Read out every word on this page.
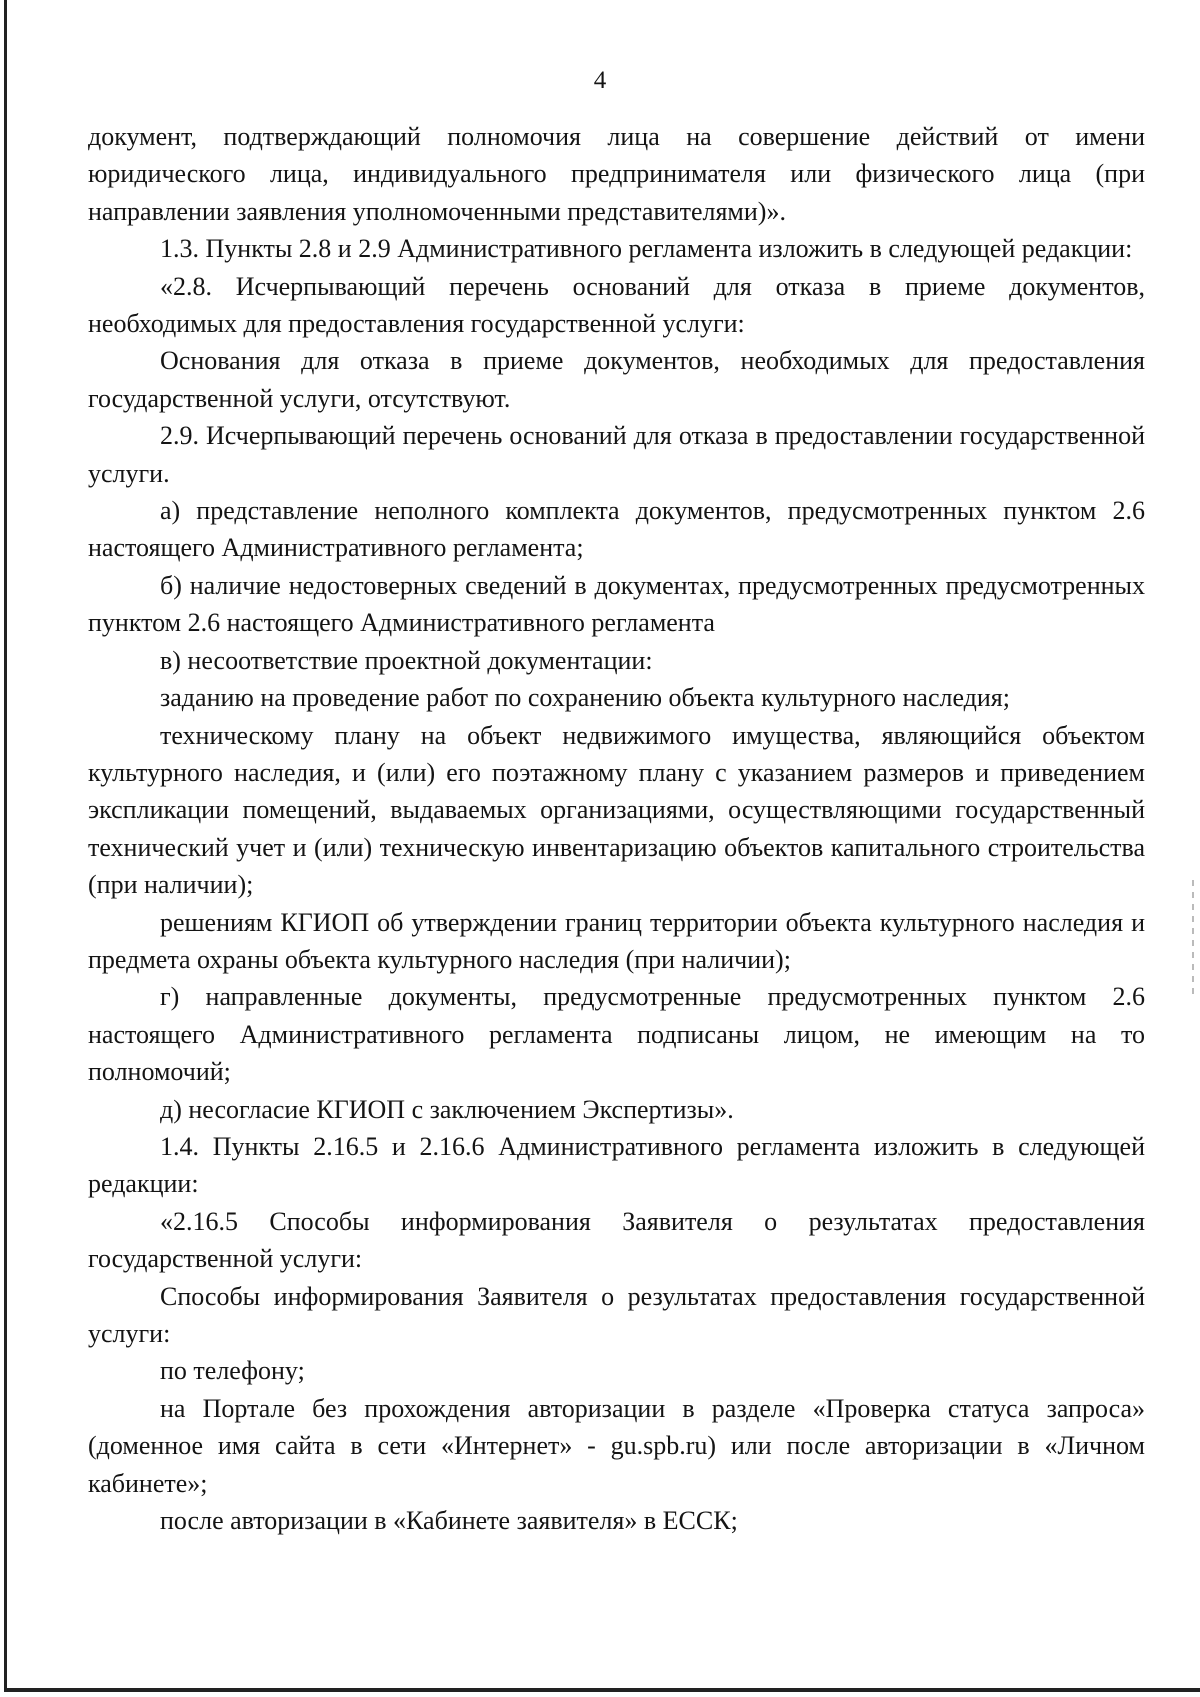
4

документ, подтверждающий полномочия лица на совершение действий от имени юридического лица, индивидуального предпринимателя или физического лица (при направлении заявления уполномоченными представителями)».

1.3. Пункты 2.8 и 2.9 Административного регламента изложить в следующей редакции:

«2.8. Исчерпывающий перечень оснований для отказа в приеме документов, необходимых для предоставления государственной услуги:

Основания для отказа в приеме документов, необходимых для предоставления государственной услуги, отсутствуют.

2.9. Исчерпывающий перечень оснований для отказа в предоставлении государственной услуги.

а) представление неполного комплекта документов, предусмотренных пунктом 2.6 настоящего Административного регламента;

б) наличие недостоверных сведений в документах, предусмотренных предусмотренных пунктом 2.6 настоящего Административного регламента

в) несоответствие проектной документации:

заданию на проведение работ по сохранению объекта культурного наследия;

техническому плану на объект недвижимого имущества, являющийся объектом культурного наследия, и (или) его поэтажному плану с указанием размеров и приведением экспликации помещений, выдаваемых организациями, осуществляющими государственный технический учет и (или) техническую инвентаризацию объектов капитального строительства (при наличии);

решениям КГИОП об утверждении границ территории объекта культурного наследия и предмета охраны объекта культурного наследия (при наличии);

г) направленные документы, предусмотренные предусмотренных пунктом 2.6 настоящего Административного регламента подписаны лицом, не имеющим на то полномочий;

д) несогласие КГИОП с заключением Экспертизы».

1.4. Пункты 2.16.5 и 2.16.6 Административного регламента изложить в следующей редакции:

«2.16.5 Способы информирования Заявителя о результатах предоставления государственной услуги:

Способы информирования Заявителя о результатах предоставления государственной услуги:

по телефону;

на Портале без прохождения авторизации в разделе «Проверка статуса запроса» (доменное имя сайта в сети «Интернет» - gu.spb.ru) или после авторизации в «Личном кабинете»;

после авторизации в «Кабинете заявителя» в ЕССК;
